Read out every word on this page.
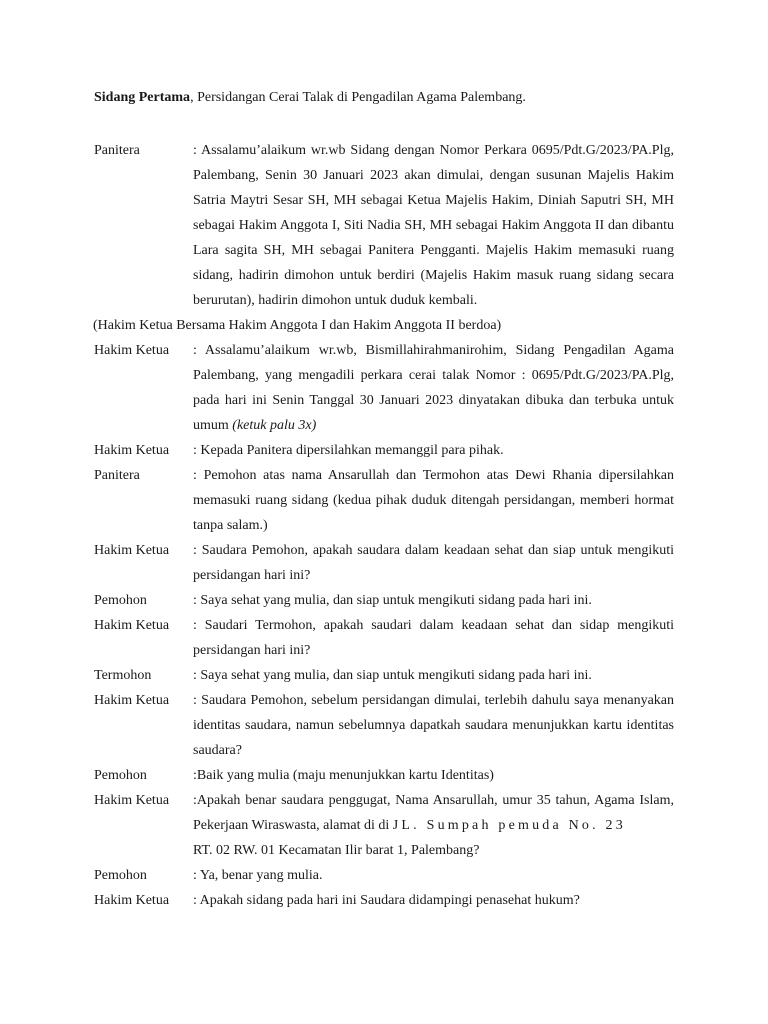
Sidang Pertama, Persidangan Cerai Talak di Pengadilan Agama Palembang.
Panitera	: Assalamu’alaikum wr.wb Sidang dengan Nomor Perkara 0695/Pdt.G/2023/PA.Plg, Palembang, Senin 30 Januari 2023 akan dimulai, dengan susunan Majelis Hakim Satria Maytri Sesar SH, MH sebagai Ketua Majelis Hakim, Diniah Saputri SH, MH sebagai Hakim Anggota I, Siti Nadia SH, MH sebagai Hakim Anggota II dan dibantu Lara sagita SH, MH sebagai Panitera Pengganti. Majelis Hakim memasuki ruang sidang, hadirin dimohon untuk berdiri (Majelis Hakim masuk ruang sidang secara berurutan), hadirin dimohon untuk duduk kembali.
(Hakim Ketua Bersama Hakim Anggota I dan Hakim Anggota II berdoa)
Hakim Ketua	: Assalamu’alaikum wr.wb, Bismillahirahmanirohim, Sidang Pengadilan Agama Palembang, yang mengadili perkara cerai talak Nomor : 0695/Pdt.G/2023/PA.Plg, pada hari ini Senin Tanggal 30 Januari 2023 dinyatakan dibuka dan terbuka untuk umum (ketuk palu 3x)
Hakim Ketua	: Kepada Panitera dipersilahkan memanggil para pihak.
Panitera	: Pemohon atas nama Ansarullah dan Termohon atas Dewi Rhania dipersilahkan memasuki ruang sidang (kedua pihak duduk ditengah persidangan, memberi hormat tanpa salam.)
Hakim Ketua	: Saudara Pemohon, apakah saudara dalam keadaan sehat dan siap untuk mengikuti persidangan hari ini?
Pemohon	: Saya sehat yang mulia, dan siap untuk mengikuti sidang pada hari ini.
Hakim Ketua	: Saudari Termohon, apakah saudari dalam keadaan sehat dan sidap mengikuti persidangan hari ini?
Termohon	: Saya sehat yang mulia, dan siap untuk mengikuti sidang pada hari ini.
Hakim Ketua	: Saudara Pemohon, sebelum persidangan dimulai, terlebih dahulu saya menanyakan identitas saudara, namun sebelumnya dapatkah saudara menunjukkan kartu identitas saudara?
Pemohon	:Baik yang mulia (maju menunjukkan kartu Identitas)
Hakim Ketua	:Apakah benar saudara penggugat, Nama Ansarullah, umur 35 tahun, Agama Islam, Pekerjaan Wiraswasta, alamat di di JL. Sumpah pemuda No. 23
RT. 02 RW. 01 Kecamatan Ilir barat 1, Palembang?
Pemohon	: Ya, benar yang mulia.
Hakim Ketua	: Apakah sidang pada hari ini Saudara didampingi penasehat hukum?
